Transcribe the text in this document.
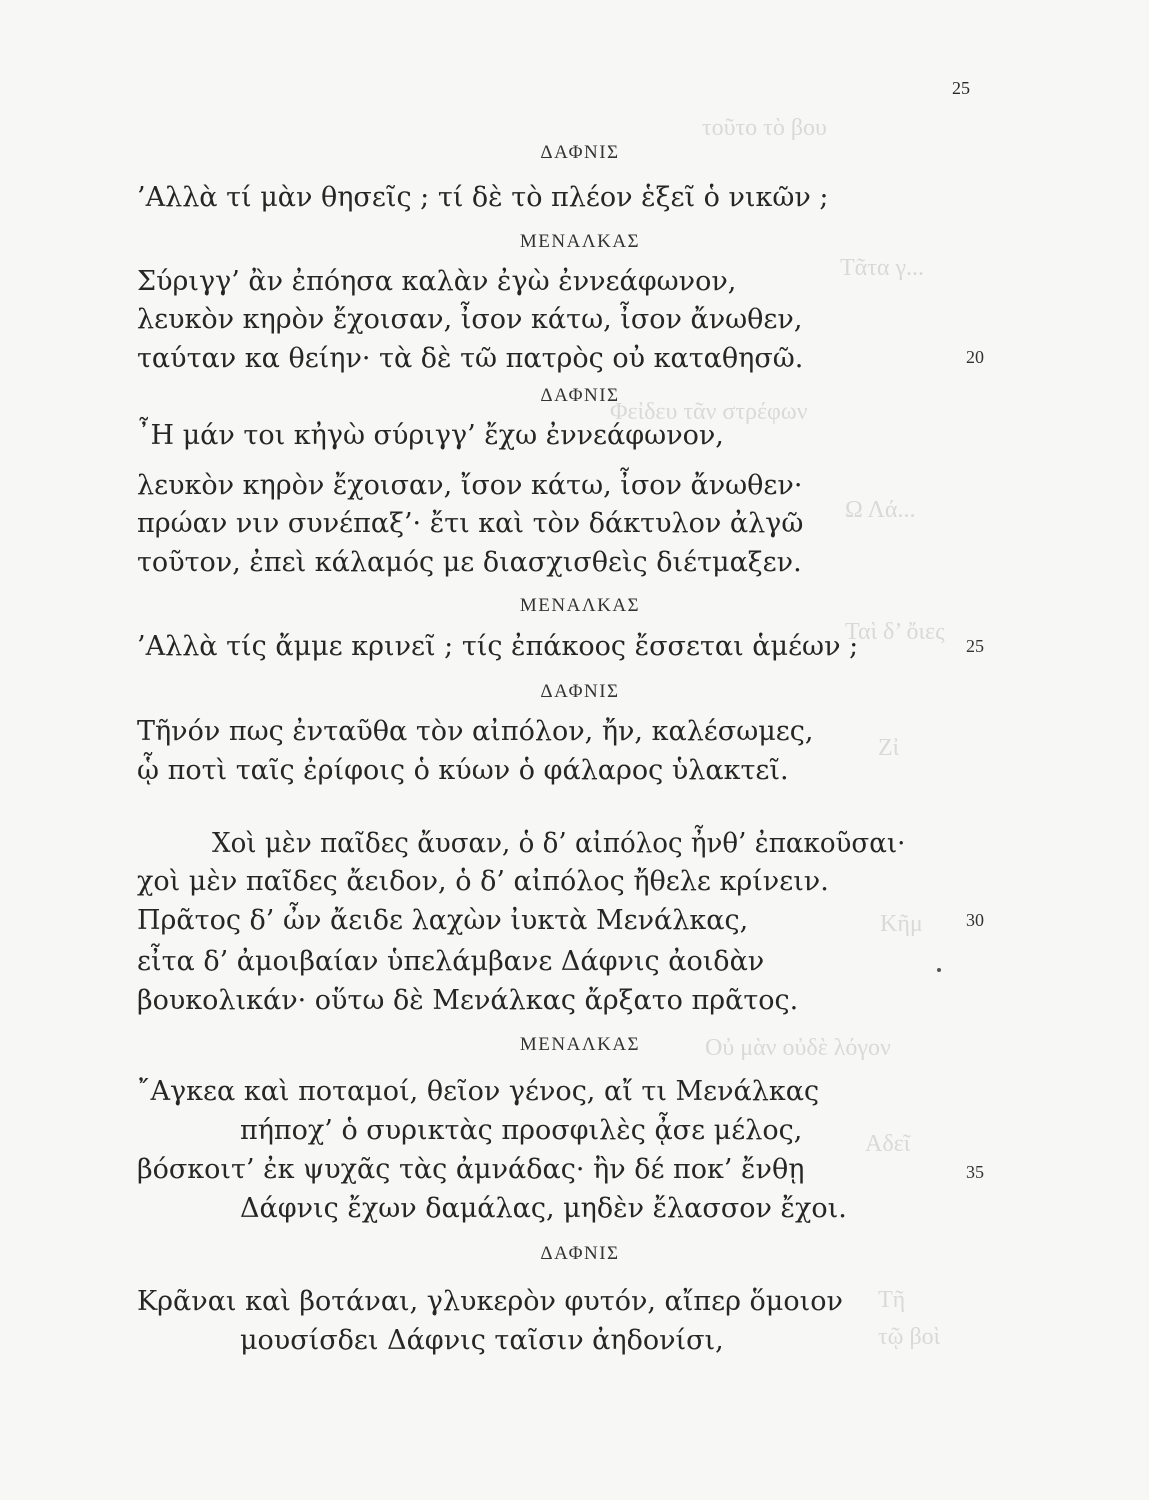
τοῦτο τὸ βου
Τᾶτα γ...
Φεἰδευ τᾶν στρέφων
Ω Λά...
Ταὶ δ’ ὄιες
Ζἰ
Κῆμ
Οὐ μὰν οὐδὲ λόγον
Αδεῖ
Τῆ
τῷ βοὶ
25
ΔΑΦΝΙΣ
’Αλλὰ τί μὰν θησεῖς ; τί δὲ τὸ πλέον ἑξεῖ ὁ νικῶν ;
ΜΕΝΑΛΚΑΣ
Σύριγγ’ ἂν ἐπόησα καλὰν ἐγὼ ἐννεάφωνον,
λευκὸν κηρὸν ἔχοισαν, ἶσον κάτω, ἶσον ἄνωθεν,
ταύταν κα θείην· τὰ δὲ τῶ πατρὸς οὐ καταθησῶ.	20
ΔΑΦΝΙΣ
῏Η μάν τοι κἠγὼ σύριγγ’ ἔχω ἐννεάφωνον,
λευκὸν κηρὸν ἔχοισαν, ἴσον κάτω, ἶσον ἄνωθεν·
πρώαν νιν συνέπαξ’· ἔτι καὶ τὸν δάκτυλον ἀλγῶ
τοῦτον, ἐπεὶ κάλαμός με διασχισθεὶς διέτμαξεν.
ΜΕΝΑΛΚΑΣ
’Αλλὰ τίς ἄμμε κρινεῖ ; τίς ἐπάκοος ἔσσεται ἁμέων ;	25
ΔΑΦΝΙΣ
Τῆνόν πως ἐνταῦθα τὸν αἰπόλον, ἤν, καλέσωμες,
ᾧ ποτὶ ταῖς ἐρίφοις ὁ κύων ὁ φάλαρος ὑλακτεῖ.
Χοὶ μὲν παῖδες ἄυσαν, ὁ δ’ αἰπόλος ἦνθ’ ἐπακοῦσαι·
χοὶ μὲν παῖδες ἄειδον, ὁ δ’ αἰπόλος ἤθελε κρίνειν.
Πρᾶτος δ’ ὦν ἄειδε λαχὼν ἰυκτὰ Μενάλκας,	30
εἶτα δ’ ἀμοιβαίαν ὑπελάμβανε Δάφνις ἀοιδὰν
βουκολικάν· οὕτω δὲ Μενάλκας ἄρξατο πρᾶτος.
ΜΕΝΑΛΚΑΣ
῎Αγκεα καὶ ποταμοί, θεῖον γένος, αἴ τι Μενάλκας
πήποχ’ ὁ συρικτὰς προσφιλὲς ᾆσε μέλος,
βόσκοιτ’ ἐκ ψυχᾶς τὰς ἀμνάδας· ἢν δέ ποκ’ ἔνθῃ	35
Δάφνις ἔχων δαμάλας, μηδὲν ἔλασσον ἔχοι.
ΔΑΦΝΙΣ
Κρᾶναι καὶ βοτάναι, γλυκερὸν φυτόν, αἴπερ ὅμοιον
μουσίσδει Δάφνις ταῖσιν ἀηδονίσι,
